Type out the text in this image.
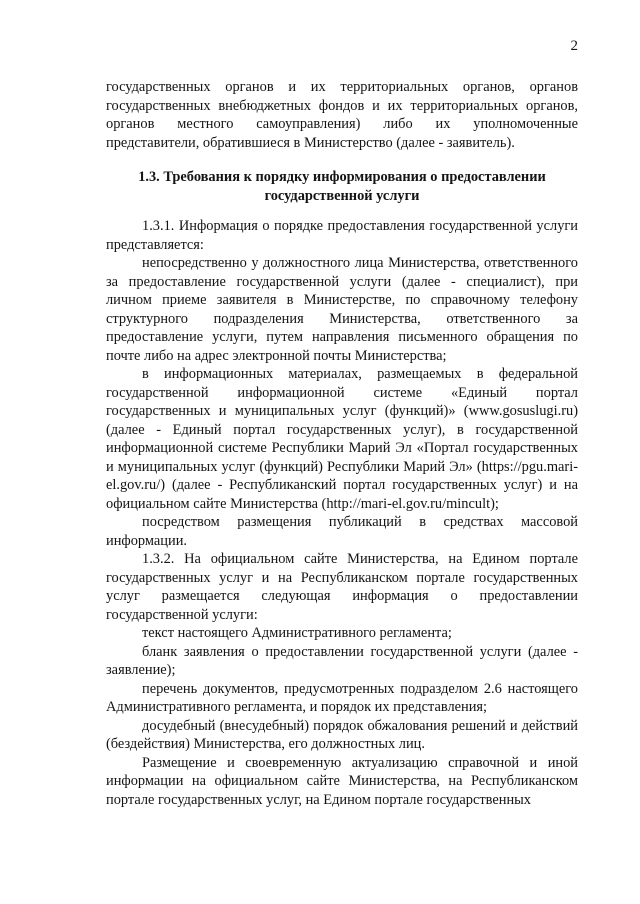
2

государственных органов и их территориальных органов, органов государственных внебюджетных фондов и их территориальных органов, органов местного самоуправления) либо их уполномоченные представители, обратившиеся в Министерство (далее - заявитель).

1.3. Требования к порядку информирования о предоставлении
государственной услуги

1.3.1. Информация о порядке предоставления государственной услуги представляется:

непосредственно у должностного лица Министерства, ответственного за предоставление государственной услуги (далее - специалист), при личном приеме заявителя в Министерстве, по справочному телефону структурного подразделения Министерства, ответственного за предоставление услуги, путем направления письменного обращения по почте либо на адрес электронной почты Министерства;

в информационных материалах, размещаемых в федеральной государственной информационной системе «Единый портал государственных и муниципальных услуг (функций)» (www.gosuslugi.ru) (далее - Единый портал государственных услуг), в государственной информационной системе Республики Марий Эл «Портал государственных и муниципальных услуг (функций) Республики Марий Эл» (https://pgu.mari-el.gov.ru/) (далее - Республиканский портал государственных услуг) и на официальном сайте Министерства (http://mari-el.gov.ru/mincult);

посредством размещения публикаций в средствах массовой информации.

1.3.2. На официальном сайте Министерства, на Едином портале государственных услуг и на Республиканском портале государственных услуг размещается следующая информация о предоставлении государственной услуги:

текст настоящего Административного регламента;

бланк заявления о предоставлении государственной услуги (далее - заявление);

перечень документов, предусмотренных подразделом 2.6 настоящего Административного регламента, и порядок их представления;

досудебный (внесудебный) порядок обжалования решений и действий (бездействия) Министерства, его должностных лиц.

Размещение и своевременную актуализацию справочной и иной информации на официальном сайте Министерства, на Республиканском портале государственных услуг, на Едином портале государственных
